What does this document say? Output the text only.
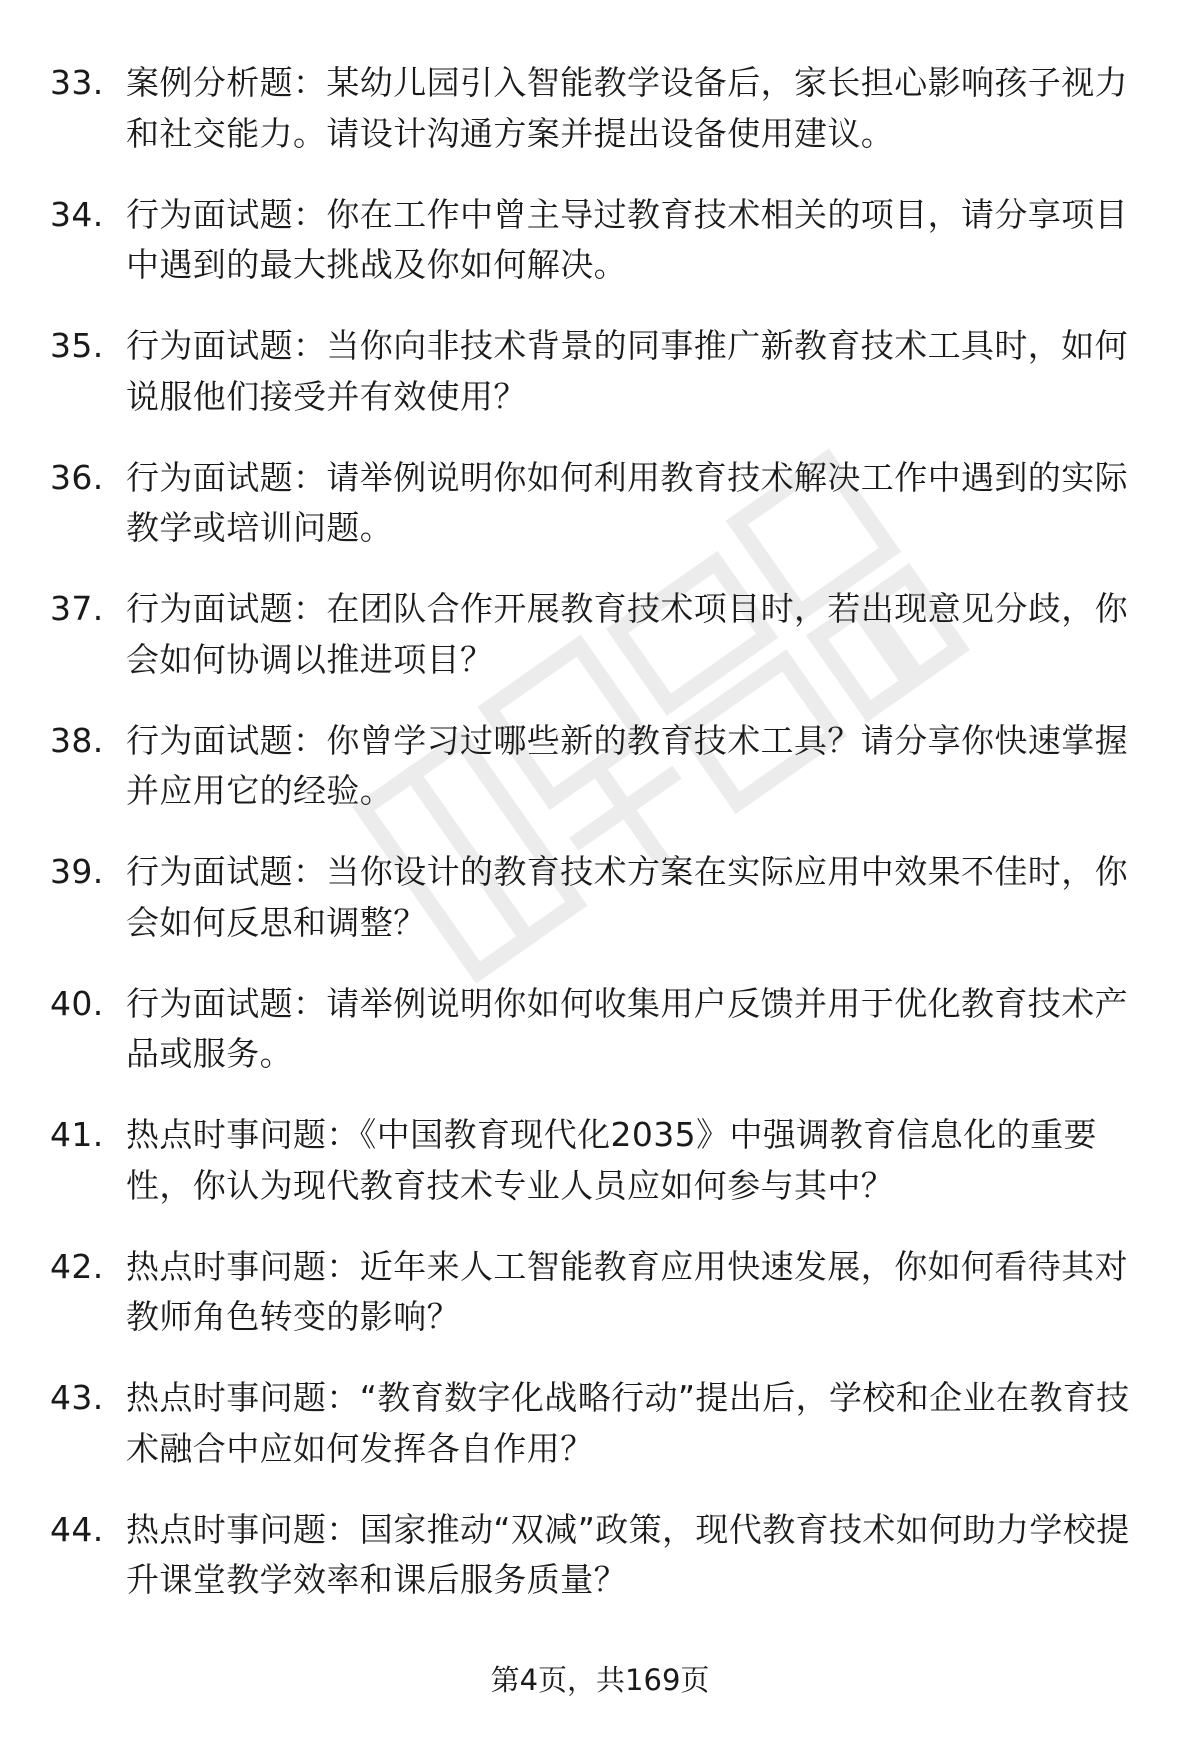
33. 案例分析题：某幼儿园引入智能教学设备后，家长担心影响孩子视力和社交能力。请设计沟通方案并提出设备使用建议。
34. 行为面试题：你在工作中曾主导过教育技术相关的项目，请分享项目中遇到的最大挑战及你如何解决。
35. 行为面试题：当你向非技术背景的同事推广新教育技术工具时，如何说服他们接受并有效使用？
36. 行为面试题：请举例说明你如何利用教育技术解决工作中遇到的实际教学或培训问题。
37. 行为面试题：在团队合作开展教育技术项目时，若出现意见分歧，你会如何协调以推进项目？
38. 行为面试题：你曾学习过哪些新的教育技术工具？请分享你快速掌握并应用它的经验。
39. 行为面试题：当你设计的教育技术方案在实际应用中效果不佳时，你会如何反思和调整？
40. 行为面试题：请举例说明你如何收集用户反馈并用于优化教育技术产品或服务。
41. 热点时事问题：《中国教育现代化2035》中强调教育信息化的重要性，你认为现代教育技术专业人员应如何参与其中？
42. 热点时事问题：近年来人工智能教育应用快速发展，你如何看待其对教师角色转变的影响？
43. 热点时事问题：“教育数字化战略行动”提出后，学校和企业在教育技术融合中应如何发挥各自作用？
44. 热点时事问题：国家推动“双减”政策，现代教育技术如何助力学校提升课堂教学效率和课后服务质量？
第4页，共169页
